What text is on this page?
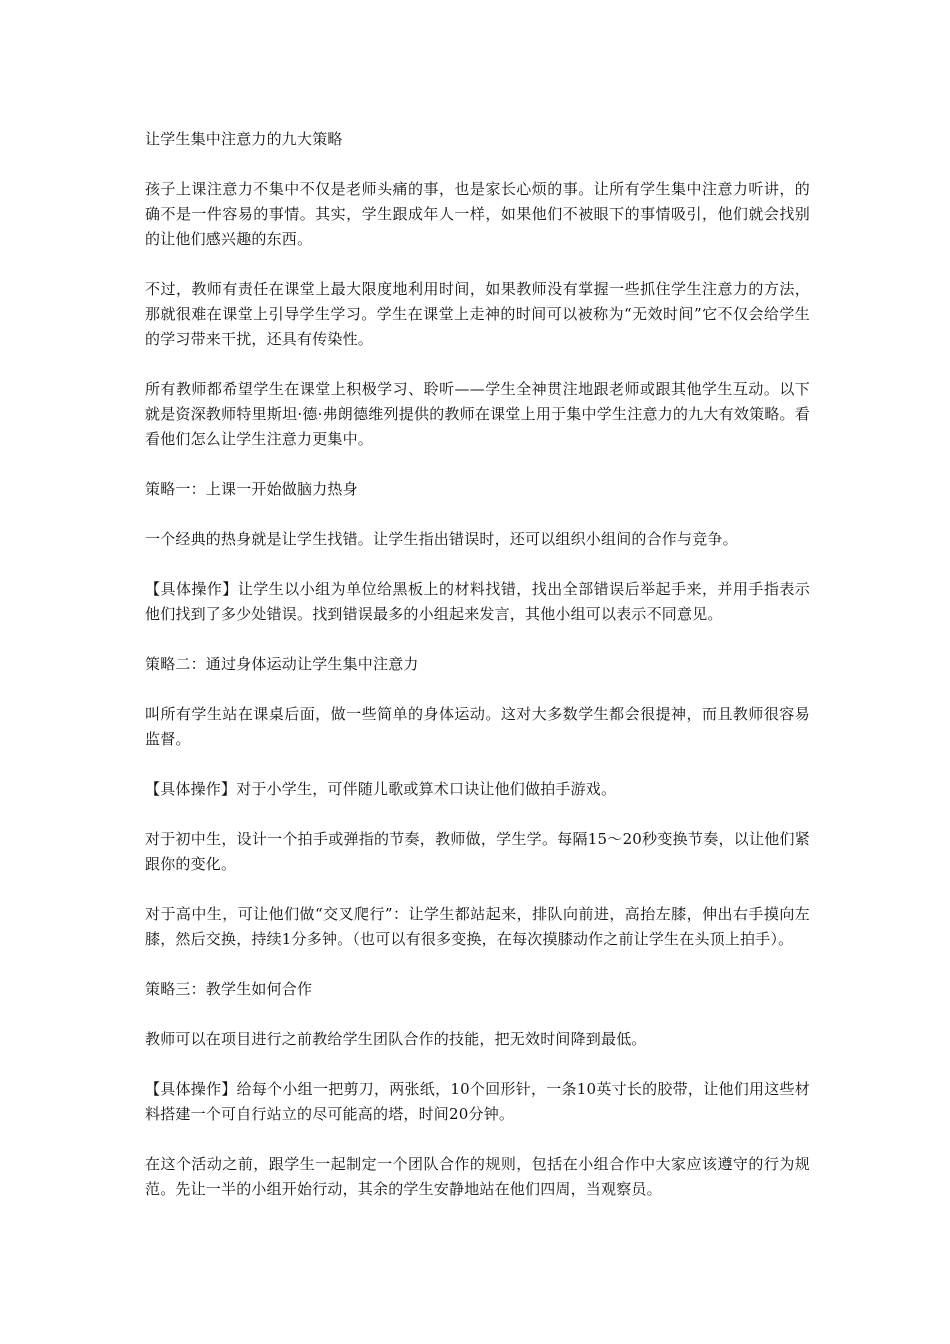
让学生集中注意力的九大策略

孩子上课注意力不集中不仅是老师头痛的事，也是家长心烦的事。让所有学生集中注意力听讲，的确不是一件容易的事情。其实，学生跟成年人一样，如果他们不被眼下的事情吸引，他们就会找别的让他们感兴趣的东西。

不过，教师有责任在课堂上最大限度地利用时间，如果教师没有掌握一些抓住学生注意力的方法，那就很难在课堂上引导学生学习。学生在课堂上走神的时间可以被称为“无效时间”它不仅会给学生的学习带来干扰，还具有传染性。

所有教师都希望学生在课堂上积极学习、聆听——学生全神贯注地跟老师或跟其他学生互动。以下就是资深教师特里斯坦·德·弗朗德维列提供的教师在课堂上用于集中学生注意力的九大有效策略。看看他们怎么让学生注意力更集中。

策略一：上课一开始做脑力热身

一个经典的热身就是让学生找错。让学生指出错误时，还可以组织小组间的合作与竞争。

【具体操作】让学生以小组为单位给黑板上的材料找错，找出全部错误后举起手来，并用手指表示他们找到了多少处错误。找到错误最多的小组起来发言，其他小组可以表示不同意见。

策略二：通过身体运动让学生集中注意力

叫所有学生站在课桌后面，做一些简单的身体运动。这对大多数学生都会很提神，而且教师很容易监督。

【具体操作】对于小学生，可伴随儿歌或算术口诀让他们做拍手游戏。

对于初中生，设计一个拍手或弹指的节奏，教师做，学生学。每隔15～20秒变换节奏，以让他们紧跟你的变化。

对于高中生，可让他们做“交叉爬行”：让学生都站起来，排队向前进，高抬左膝，伸出右手摸向左膝，然后交换，持续1分多钟。（也可以有很多变换，在每次摸膝动作之前让学生在头顶上拍手）。

策略三：教学生如何合作

教师可以在项目进行之前教给学生团队合作的技能，把无效时间降到最低。

【具体操作】给每个小组一把剪刀，两张纸，10个回形针，一条10英寸长的胶带，让他们用这些材料搭建一个可自行站立的尽可能高的塔，时间20分钟。

在这个活动之前，跟学生一起制定一个团队合作的规则，包括在小组合作中大家应该遵守的行为规范。先让一半的小组开始行动，其余的学生安静地站在他们四周，当观察员。
